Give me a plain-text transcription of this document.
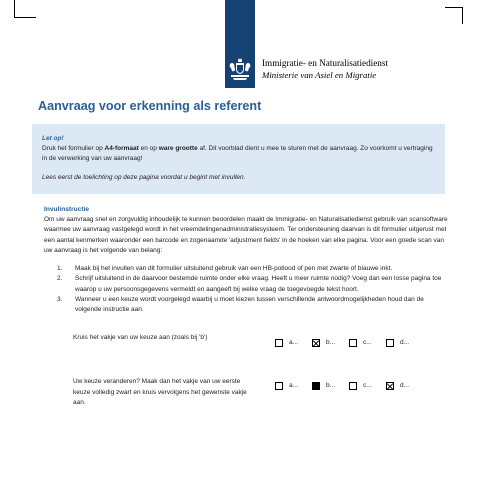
Immigratie- en Naturalisatiedienst
Ministerie van Asiel en Migratie
Aanvraag voor erkenning als referent
Let op!
Druk het formulier op A4-formaat en op ware grootte af. Dit voorblad dient u mee te sturen met de aanvraag. Zo voorkomt u vertraging in de verwerking van uw aanvraag!
Lees eerst de toelichting op deze pagina voordat u begint met invullen.
Invulinstructie
Om uw aanvraag snel en zorgvuldig inhoudelijk te kunnen beoordelen maakt de Immigratie- en Naturalisatiedienst gebruik van scansoftware waarmee uw aanvraag vastgelegd wordt in het vreemdelingenadministratiesysteem. Ter ondersteuning daarvan is dit formulier uitgerust met een aantal kenmerken waaronder een barcode en zogenaamde 'adjustment fields' in de hoeken van elke pagina. Voor een goede scan van uw aanvraag is het volgende van belang:
1. Maak bij het invullen van dit formulier uitsluitend gebruik van een HB-potlood of pen met zwarte of blauwe inkt.
2. Schrijf uitsluitend in de daarvoor bestemde ruimte onder elke vraag. Heeft u meer ruimte nodig? Voeg dan een losse pagina toe waarop u uw persoonsgegevens vermeldt en aangeeft bij welke vraag de toegevoegde tekst hoort.
3. Wanneer u een keuze wordt voorgelegd waarbij u moet kiezen tussen verschillende antwoordmogelijkheden houd dan de volgende instructie aan.
Kruis het vakje van uw keuze aan (zoals bij 'b')
a...	b...	c...	d...
Uw keuze veranderen? Maak dan het vakje van uw eerste keuze volledig zwart en kruis vervolgens het gewenste vakje aan.
a...	b...	c...	d...
